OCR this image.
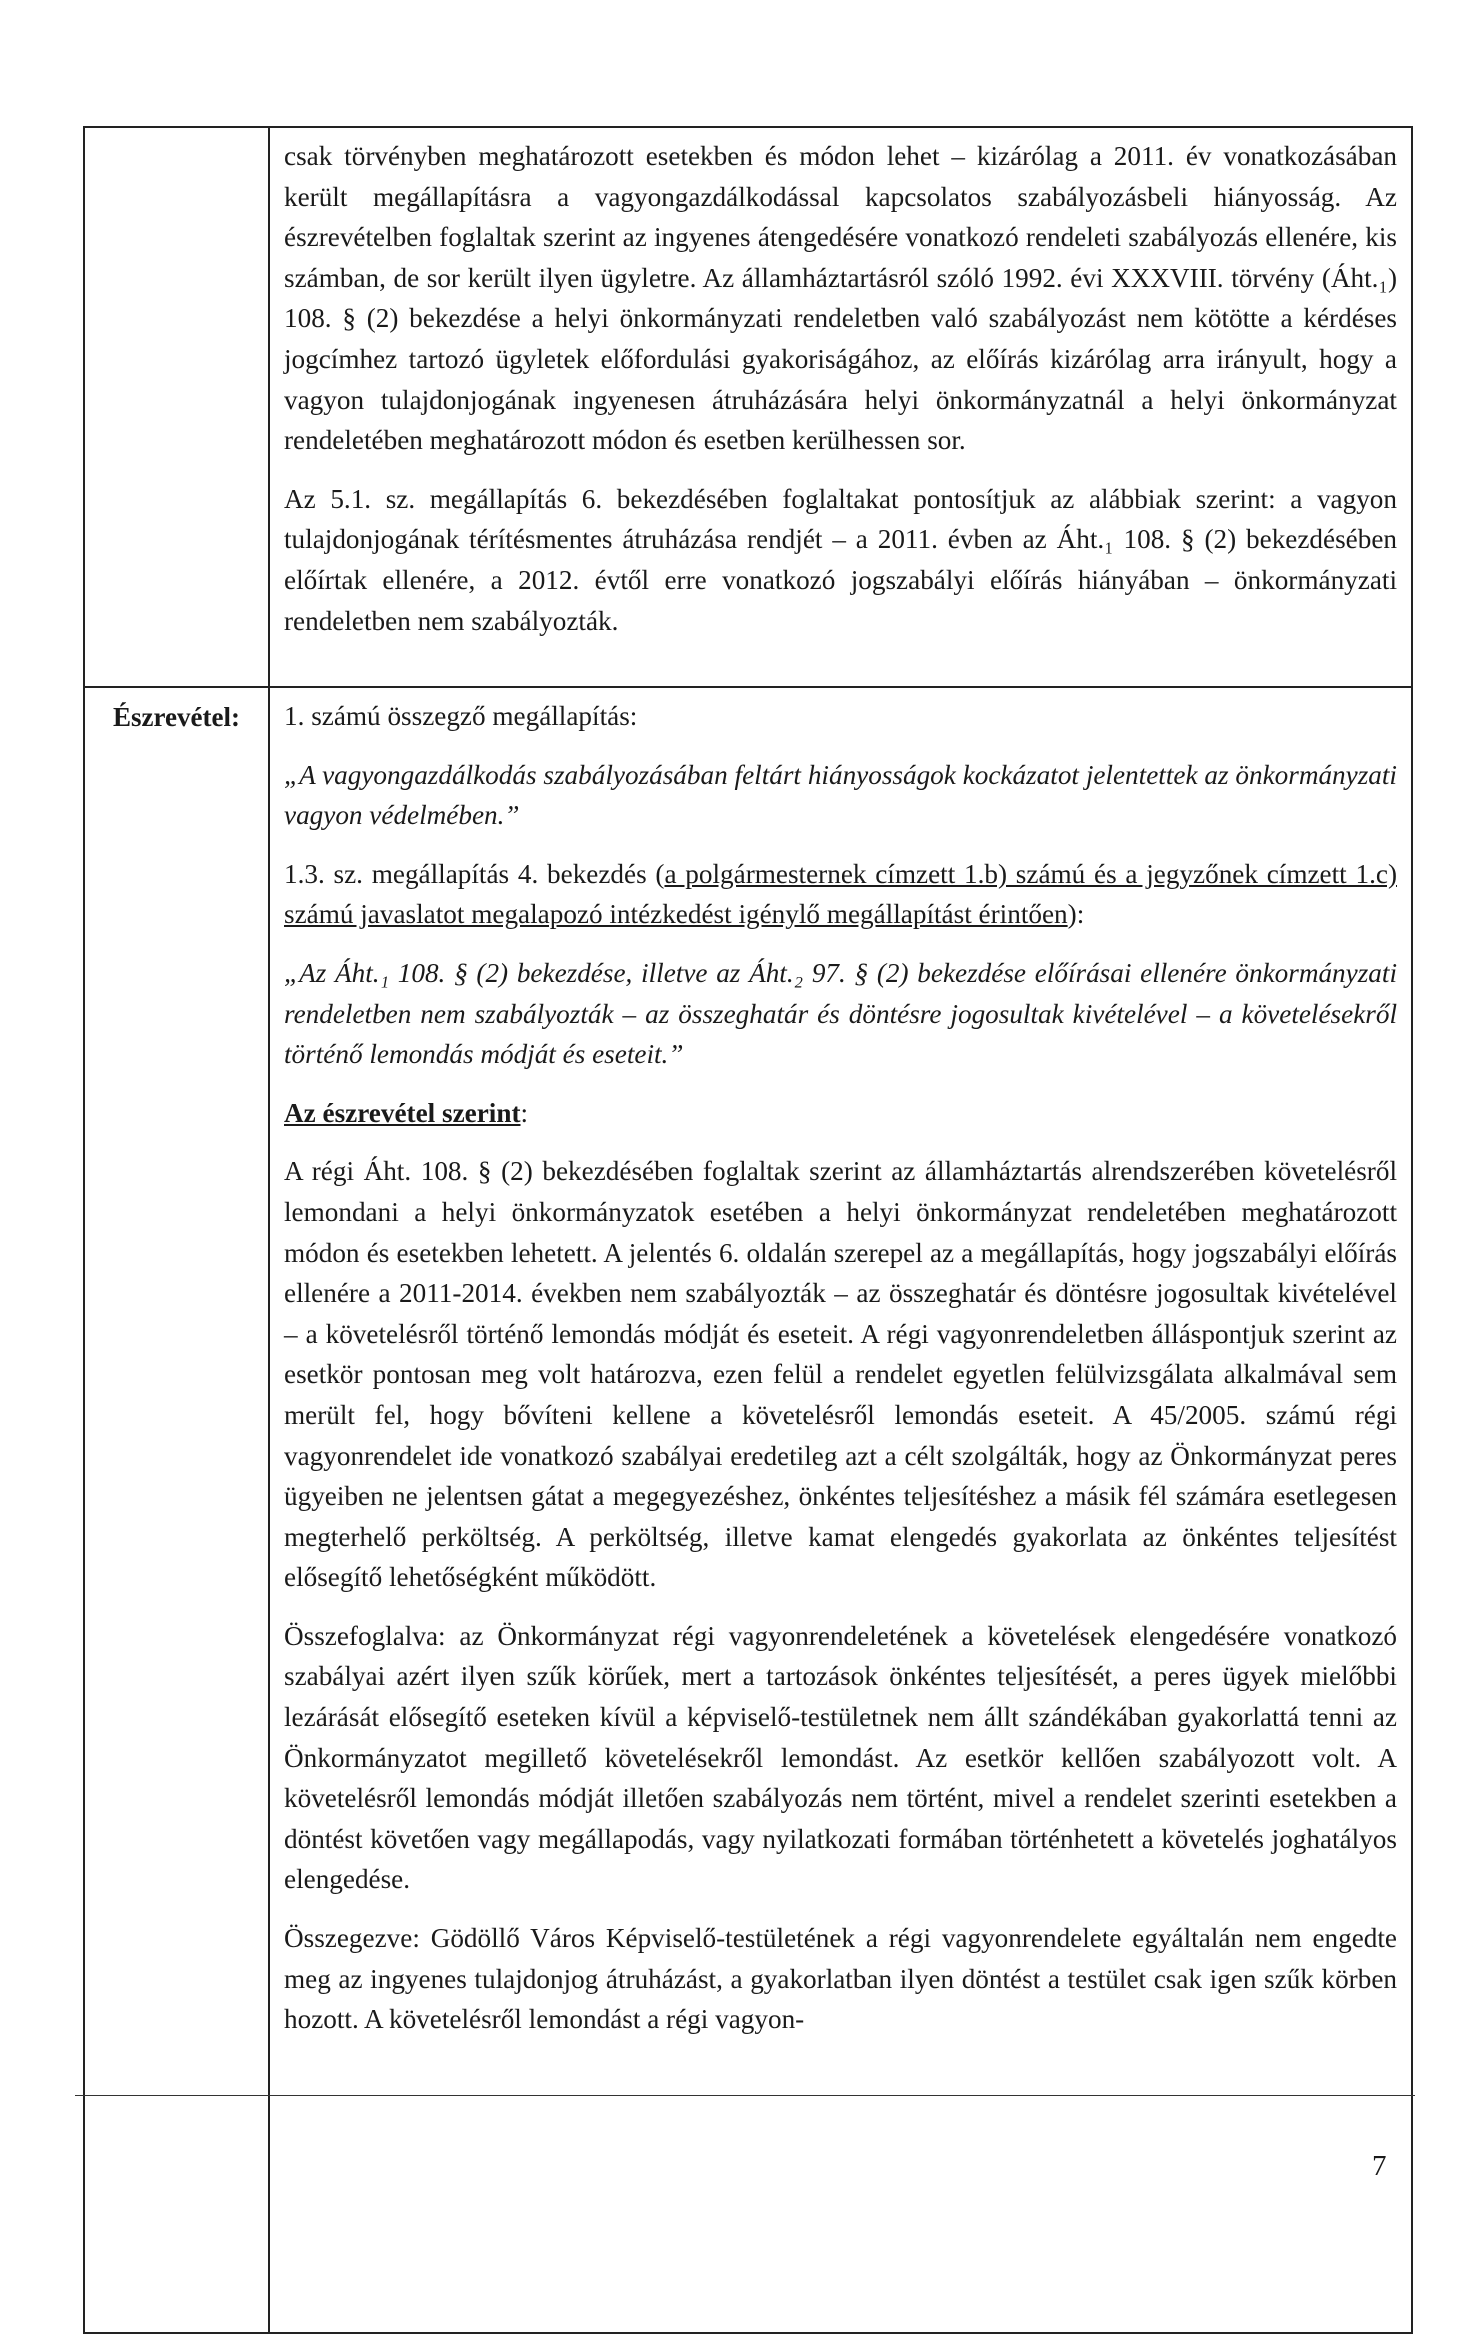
csak törvényben meghatározott esetekben és módon lehet – kizárólag a 2011. év vonatkozásában került megállapításra a vagyongazdálkodással kapcsolatos szabályozásbeli hiányosság. Az észrevételben foglaltak szerint az ingyenes átengedésére vonatkozó rendeleti szabályozás ellenére, kis számban, de sor került ilyen ügyletre. Az államháztartásról szóló 1992. évi XXXVIII. törvény (Áht.₁) 108. § (2) bekezdése a helyi önkormányzati rendeletben való szabályozást nem kötötte a kérdéses jogcímhez tartozó ügyletek előfordulási gyakoriságához, az előírás kizárólag arra irányult, hogy a vagyon tulajdonjogának ingyenesen átruházására helyi önkormányzatnál a helyi önkormányzat rendeletében meghatározott módon és esetben kerülhessen sor.

Az 5.1. sz. megállapítás 6. bekezdésében foglaltakat pontosítjuk az alábbiak szerint: a vagyon tulajdonjogának térítésmentes átruházása rendjét – a 2011. évben az Áht.₁ 108. § (2) bekezdésében előírtak ellenére, a 2012. évtől erre vonatkozó jogszabályi előírás hiányában – önkormányzati rendeletben nem szabályozták.

Észrevétel:	1. számú összegző megállapítás:

„A vagyongazdálkodás szabályozásában feltárt hiányosságok kockázatot jelentettek az önkormányzati vagyon védelmében.”

1.3. sz. megállapítás 4. bekezdés (a polgármesternek címzett 1.b) számú és a jegyzőnek címzett 1.c) számú javaslatot megalapozó intézkedést igénylő megállapítást érintően):

„Az Áht.₁ 108. § (2) bekezdése, illetve az Áht.₂ 97. § (2) bekezdése előírásai ellenére önkormányzati rendeletben nem szabályozták – az összeghatár és döntésre jogosultak kivételével – a követelésekről történő lemondás módját és eseteit.”

Az észrevétel szerint:

A régi Áht. 108. § (2) bekezdésében foglaltak szerint az államháztartás alrendszerében követelésről lemondani a helyi önkormányzatok esetében a helyi önkormányzat rendeletében meghatározott módon és esetekben lehetett. A jelentés 6. oldalán szerepel az a megállapítás, hogy jogszabályi előírás ellenére a 2011-2014. években nem szabályozták – az összeghatár és döntésre jogosultak kivételével – a követelésről történő lemondás módját és eseteit. A régi vagyonrendeletben álláspontjuk szerint az esetkör pontosan meg volt határozva, ezen felül a rendelet egyetlen felülvizsgálata alkalmával sem merült fel, hogy bővíteni kellene a követelésről lemondás eseteit. A 45/2005. számú régi vagyonrendelet ide vonatkozó szabályai eredetileg azt a célt szolgálták, hogy az Önkormányzat peres ügyeiben ne jelentsen gátat a megegyezéshez, önkéntes teljesítéshez a másik fél számára esetlegesen megterhelő perköltség. A perköltség, illetve kamat elengedés gyakorlata az önkéntes teljesítést elősegítő lehetőségként működött.

Összefoglalva: az Önkormányzat régi vagyonrendeletének a követelések elengedésére vonatkozó szabályai azért ilyen szűk körűek, mert a tartozások önkéntes teljesítését, a peres ügyek mielőbbi lezárását elősegítő eseteken kívül a képviselő-testületnek nem állt szándékában gyakorlattá tenni az Önkormányzatot megillető követelésekről lemondást. Az esetkör kellően szabályozott volt. A követelésről lemondás módját illetően szabályozás nem történt, mivel a rendelet szerinti esetekben a döntést követően vagy megállapodás, vagy nyilatkozati formában történhetett a követelés joghatályos elengedése.

Összegezve: Gödöllő Város Képviselő-testületének a régi vagyonrendelete egyáltalán nem engedte meg az ingyenes tulajdonjog átruházást, a gyakorlatban ilyen döntést a testület csak igen szűk körben hozott. A követelésről lemondást a régi vagyon-

7
